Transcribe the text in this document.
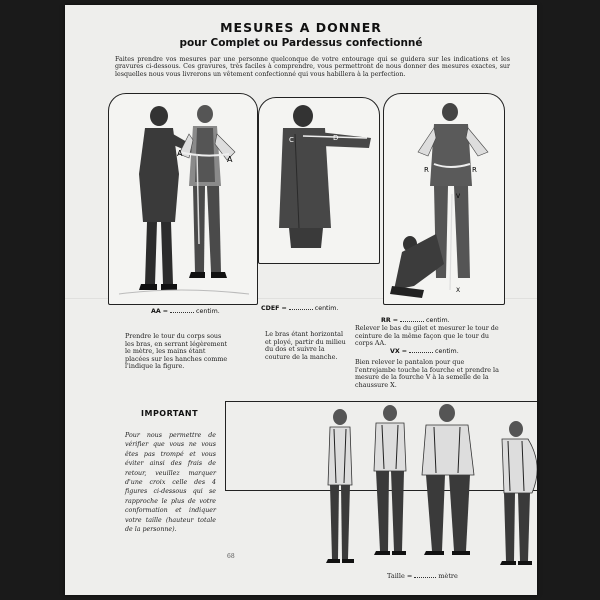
MESURES A DONNER
pour Complet ou Pardessus confectionné
Faites prendre vos mesures par une personne quelconque de votre entourage qui se guidera sur les indications et les gravures ci-dessous. Ces gravures, très faciles à comprendre, vous permettront de nous donner des mesures exactes, sur lesquelles nous vous livrerons un vêtement confectionné qui vous habillera à la perfection.
A
A
C	D
R	R
V
X
AA =	centim.	CDEF =	centim.
RR =	centim.
VX =	centim.
Prendre le tour du corps sous les bras, en serrant légèrement le mètre, les mains étant placées sur les hanches comme l'indique la figure.
Le bras étant horizontal et ployé, partir du milieu du dos et suivre la couture de la manche.
Relever le bas du gilet et mesurer le tour de ceinture de la même façon que le tour du corps AA.
Bien relever le pantalon pour que l'entrejambe touche la fourche et prendre la mesure de la fourche V à la semelle de la chaussure X.
IMPORTANT
Pour nous permettre de vérifier que vous ne vous êtes pas trompé et vous éviter ainsi des frais de retour, veuillez marquer d'une croix celle des 4 figures ci-dessous qui se rapproche le plus de votre conformation et indiquer votre taille (hauteur totale de la personne).
68
Taille =	mètre
